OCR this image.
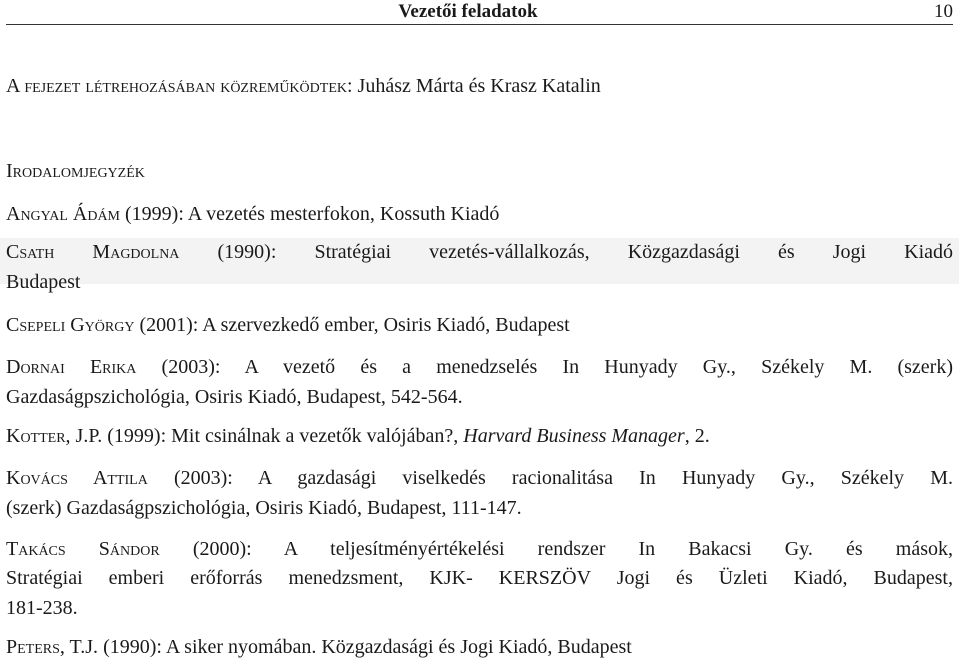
Vezetői feladatok	10
A fejezet létrehozásában közreműködtek: Juhász Márta és Krasz Katalin
Irodalomjegyzék
Angyal Ádám (1999): A vezetés mesterfokon, Kossuth Kiadó
Csath Magdolna (1990): Stratégiai vezetés-vállalkozás, Közgazdasági és Jogi Kiadó
Budapest
Csepeli György (2001): A szervezkedő ember, Osiris Kiadó, Budapest
Dornai Erika (2003): A vezető és a menedzselés In Hunyady Gy., Székely M. (szerk)
Gazdaságpszichológia, Osiris Kiadó, Budapest, 542-564.
Kotter, J.P. (1999): Mit csinálnak a vezetők valójában?, Harvard Business Manager, 2.
Kovács Attila (2003): A gazdasági viselkedés racionalitása In Hunyady Gy., Székely M.
(szerk) Gazdaságpszichológia, Osiris Kiadó, Budapest, 111-147.
Takács Sándor (2000): A teljesítményértékelési rendszer In Bakacsi Gy. és mások,
Stratégiai emberi erőforrás menedzsment, KJK- KERSZÖV Jogi és Üzleti Kiadó, Budapest,
181-238.
Peters, T.J. (1990): A siker nyomában. Közgazdasági és Jogi Kiadó, Budapest
